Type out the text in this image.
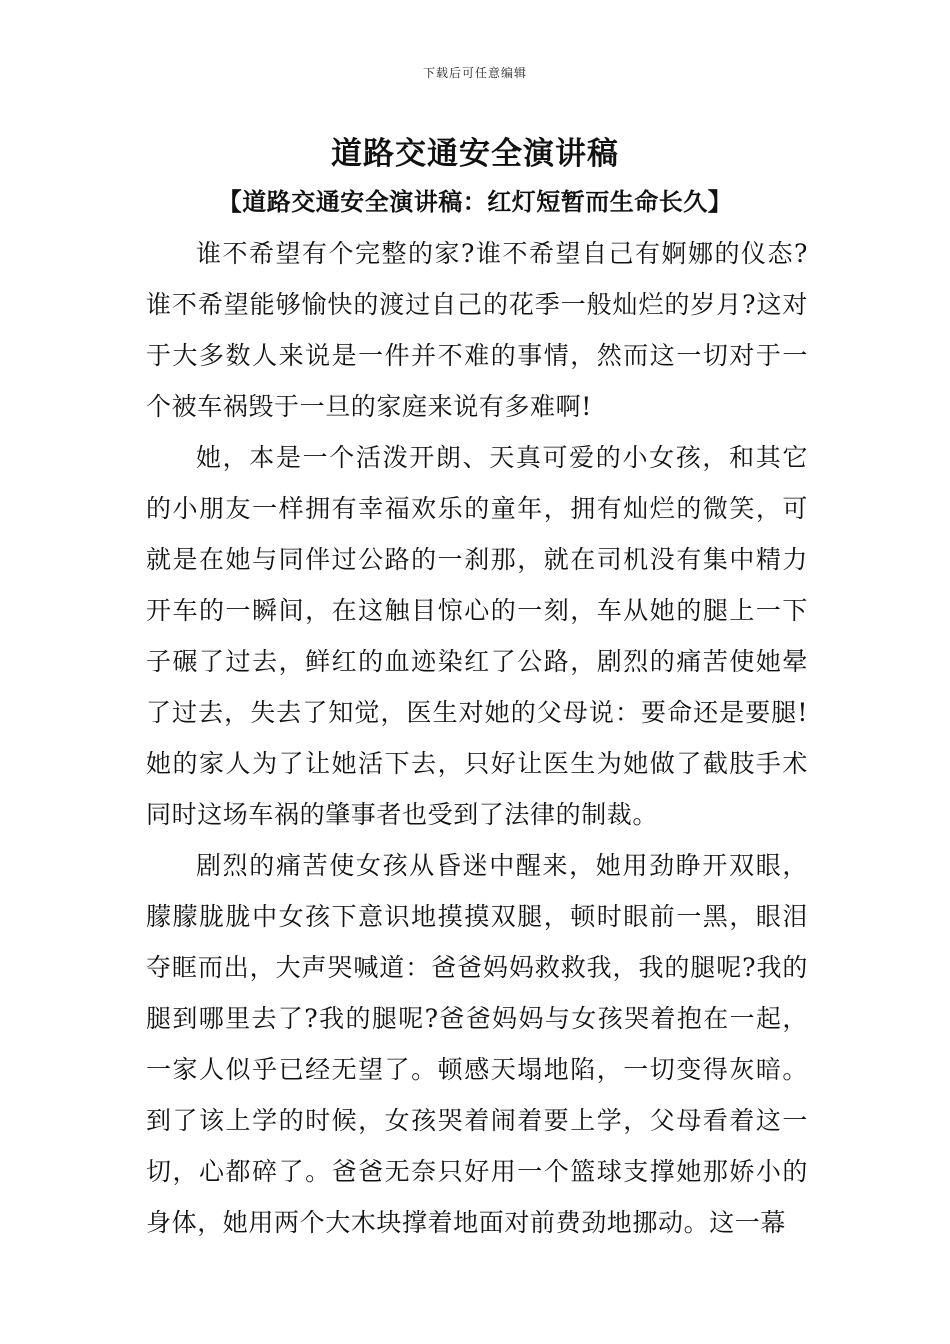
下载后可任意编辑
道路交通安全演讲稿
【道路交通安全演讲稿：红灯短暂而生命长久】

谁不希望有个完整的家?谁不希望自己有婀娜的仪态?谁不希望能够愉快的渡过自己的花季一般灿烂的岁月?这对于大多数人来说是一件并不难的事情，然而这一切对于一个被车祸毁于一旦的家庭来说有多难啊!

她，本是一个活泼开朗、天真可爱的小女孩，和其它的小朋友一样拥有幸福欢乐的童年，拥有灿烂的微笑，可就是在她与同伴过公路的一刹那，就在司机没有集中精力开车的一瞬间，在这触目惊心的一刻，车从她的腿上一下子碾了过去，鲜红的血迹染红了公路，剧烈的痛苦使她晕了过去，失去了知觉，医生对她的父母说：要命还是要腿!她的家人为了让她活下去，只好让医生为她做了截肢手术同时这场车祸的肇事者也受到了法律的制裁。

剧烈的痛苦使女孩从昏迷中醒来，她用劲睁开双眼，朦朦胧胧中女孩下意识地摸摸双腿，顿时眼前一黑，眼泪夺眶而出，大声哭喊道：爸爸妈妈救救我，我的腿呢?我的腿到哪里去了?我的腿呢?爸爸妈妈与女孩哭着抱在一起，一家人似乎已经无望了。顿感天塌地陷，一切变得灰暗。到了该上学的时候，女孩哭着闹着要上学，父母看着这一切，心都碎了。爸爸无奈只好用一个篮球支撑她那娇小的身体，她用两个大木块撑着地面对前费劲地挪动。这一幕
